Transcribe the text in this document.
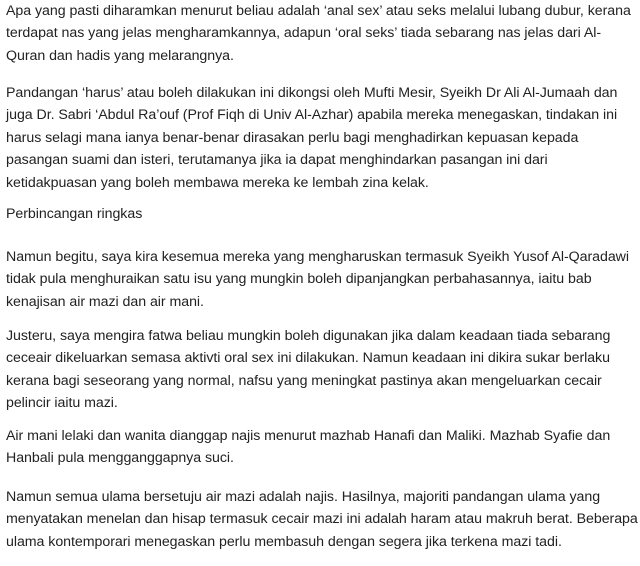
Apa yang pasti diharamkan menurut beliau adalah ‘anal sex’ atau seks melalui lubang dubur, kerana
terdapat nas yang jelas mengharamkannya, adapun ‘oral seks’ tiada sebarang nas jelas dari Al-
Quran dan hadis yang melarangnya.

Pandangan ‘harus’ atau boleh dilakukan ini dikongsi oleh Mufti Mesir, Syeikh Dr Ali Al-Jumaah dan
juga Dr. Sabri ‘Abdul Ra’ouf (Prof Fiqh di Univ Al-Azhar) apabila mereka menegaskan, tindakan ini
harus selagi mana ianya benar-benar dirasakan perlu bagi menghadirkan kepuasan kepada
pasangan suami dan isteri, terutamanya jika ia dapat menghindarkan pasangan ini dari
ketidakpuasan yang boleh membawa mereka ke lembah zina kelak.

Perbincangan ringkas

Namun begitu, saya kira kesemua mereka yang mengharuskan termasuk Syeikh Yusof Al-Qaradawi
tidak pula menghuraikan satu isu yang mungkin boleh dipanjangkan perbahasannya, iaitu bab
kenajisan air mazi dan air mani.

Justeru, saya mengira fatwa beliau mungkin boleh digunakan jika dalam keadaan tiada sebarang
ceceair dikeluarkan semasa aktivti oral sex ini dilakukan. Namun keadaan ini dikira sukar berlaku
kerana bagi seseorang yang normal, nafsu yang meningkat pastinya akan mengeluarkan cecair
pelincir iaitu mazi.

Air mani lelaki dan wanita dianggap najis menurut mazhab Hanafi dan Maliki. Mazhab Syafie dan
Hanbali pula mengganggapnya suci.

Namun semua ulama bersetuju air mazi adalah najis. Hasilnya, majoriti pandangan ulama yang
menyatakan menelan dan hisap termasuk cecair mazi ini adalah haram atau makruh berat. Beberapa
ulama kontemporari menegaskan perlu membasuh dengan segera jika terkena mazi tadi.
